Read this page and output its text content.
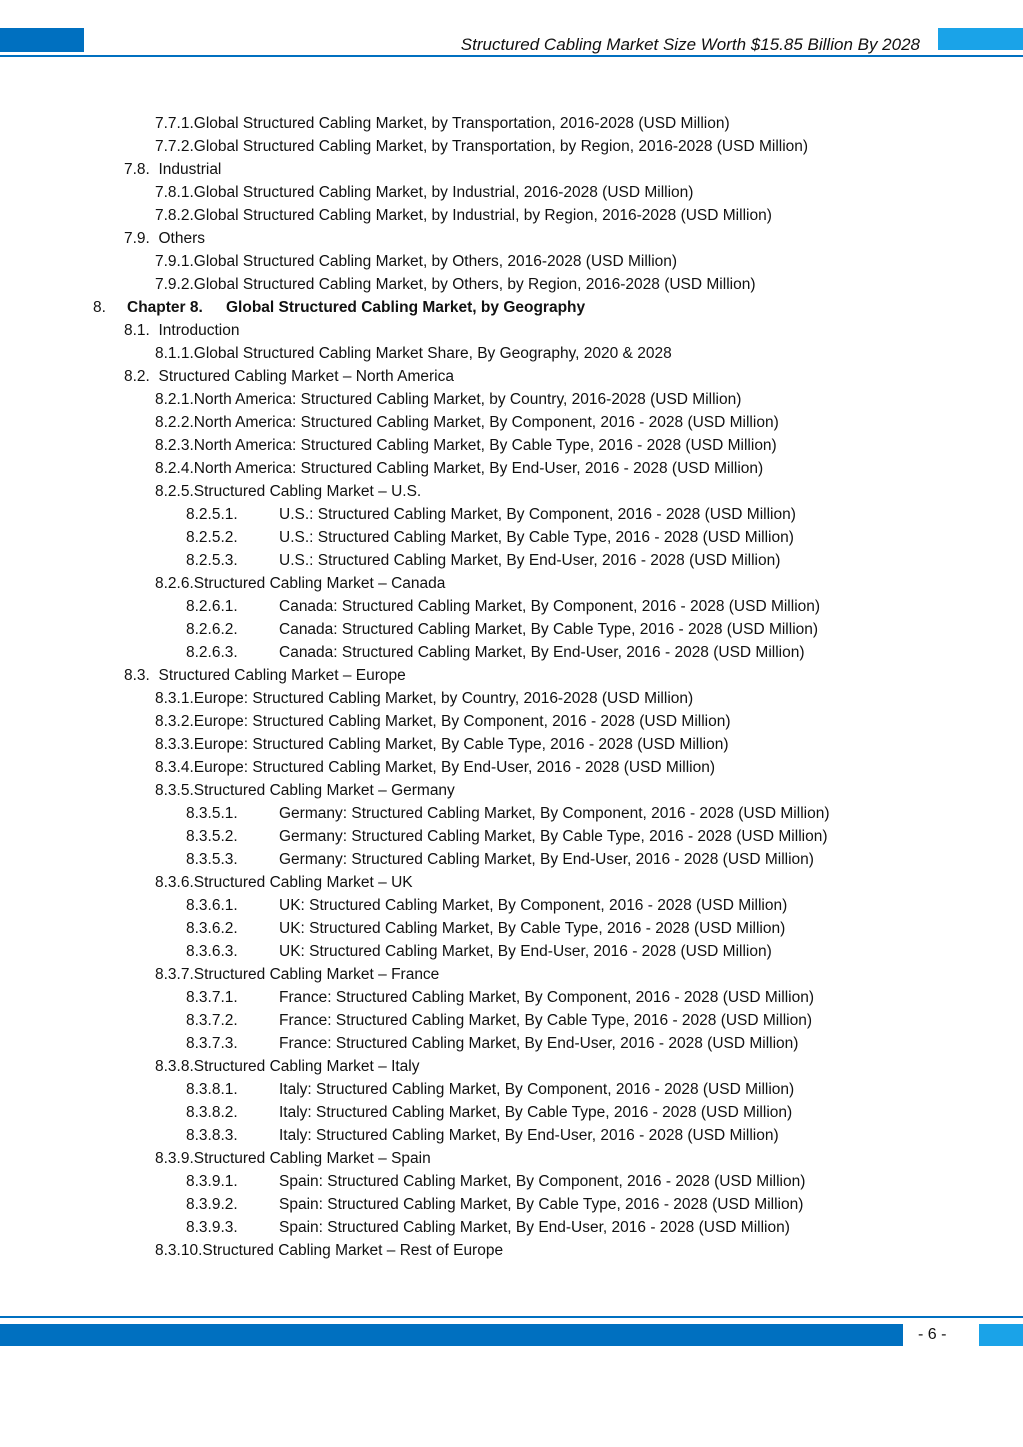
Structured Cabling Market Size Worth $15.85 Billion By 2028
7.7.1.Global Structured Cabling Market, by Transportation, 2016-2028 (USD Million)
7.7.2.Global Structured Cabling Market, by Transportation, by Region, 2016-2028 (USD Million)
7.8. Industrial
7.8.1.Global Structured Cabling Market, by Industrial, 2016-2028 (USD Million)
7.8.2.Global Structured Cabling Market, by Industrial, by Region, 2016-2028 (USD Million)
7.9. Others
7.9.1.Global Structured Cabling Market, by Others, 2016-2028 (USD Million)
7.9.2.Global Structured Cabling Market, by Others, by Region, 2016-2028 (USD Million)
8. Chapter 8. Global Structured Cabling Market, by Geography
8.1. Introduction
8.1.1.Global Structured Cabling Market Share, By Geography, 2020 & 2028
8.2. Structured Cabling Market – North America
8.2.1.North America: Structured Cabling Market, by Country, 2016-2028 (USD Million)
8.2.2.North America: Structured Cabling Market, By Component, 2016 - 2028 (USD Million)
8.2.3.North America: Structured Cabling Market, By Cable Type, 2016 - 2028 (USD Million)
8.2.4.North America: Structured Cabling Market, By End-User, 2016 - 2028 (USD Million)
8.2.5.Structured Cabling Market – U.S.
8.2.5.1.	U.S.: Structured Cabling Market, By Component, 2016 - 2028 (USD Million)
8.2.5.2.	U.S.: Structured Cabling Market, By Cable Type, 2016 - 2028 (USD Million)
8.2.5.3.	U.S.: Structured Cabling Market, By End-User, 2016 - 2028 (USD Million)
8.2.6.Structured Cabling Market – Canada
8.2.6.1.	Canada: Structured Cabling Market, By Component, 2016 - 2028 (USD Million)
8.2.6.2.	Canada: Structured Cabling Market, By Cable Type, 2016 - 2028 (USD Million)
8.2.6.3.	Canada: Structured Cabling Market, By End-User, 2016 - 2028 (USD Million)
8.3. Structured Cabling Market – Europe
8.3.1.Europe: Structured Cabling Market, by Country, 2016-2028 (USD Million)
8.3.2.Europe: Structured Cabling Market, By Component, 2016 - 2028 (USD Million)
8.3.3.Europe: Structured Cabling Market, By Cable Type, 2016 - 2028 (USD Million)
8.3.4.Europe: Structured Cabling Market, By End-User, 2016 - 2028 (USD Million)
8.3.5.Structured Cabling Market – Germany
8.3.5.1.	Germany: Structured Cabling Market, By Component, 2016 - 2028 (USD Million)
8.3.5.2.	Germany: Structured Cabling Market, By Cable Type, 2016 - 2028 (USD Million)
8.3.5.3.	Germany: Structured Cabling Market, By End-User, 2016 - 2028 (USD Million)
8.3.6.Structured Cabling Market – UK
8.3.6.1.	UK: Structured Cabling Market, By Component, 2016 - 2028 (USD Million)
8.3.6.2.	UK: Structured Cabling Market, By Cable Type, 2016 - 2028 (USD Million)
8.3.6.3.	UK: Structured Cabling Market, By End-User, 2016 - 2028 (USD Million)
8.3.7.Structured Cabling Market – France
8.3.7.1.	France: Structured Cabling Market, By Component, 2016 - 2028 (USD Million)
8.3.7.2.	France: Structured Cabling Market, By Cable Type, 2016 - 2028 (USD Million)
8.3.7.3.	France: Structured Cabling Market, By End-User, 2016 - 2028 (USD Million)
8.3.8.Structured Cabling Market – Italy
8.3.8.1.	Italy: Structured Cabling Market, By Component, 2016 - 2028 (USD Million)
8.3.8.2.	Italy: Structured Cabling Market, By Cable Type, 2016 - 2028 (USD Million)
8.3.8.3.	Italy: Structured Cabling Market, By End-User, 2016 - 2028 (USD Million)
8.3.9.Structured Cabling Market – Spain
8.3.9.1.	Spain: Structured Cabling Market, By Component, 2016 - 2028 (USD Million)
8.3.9.2.	Spain: Structured Cabling Market, By Cable Type, 2016 - 2028 (USD Million)
8.3.9.3.	Spain: Structured Cabling Market, By End-User, 2016 - 2028 (USD Million)
8.3.10.Structured Cabling Market – Rest of Europe
- 6 -
